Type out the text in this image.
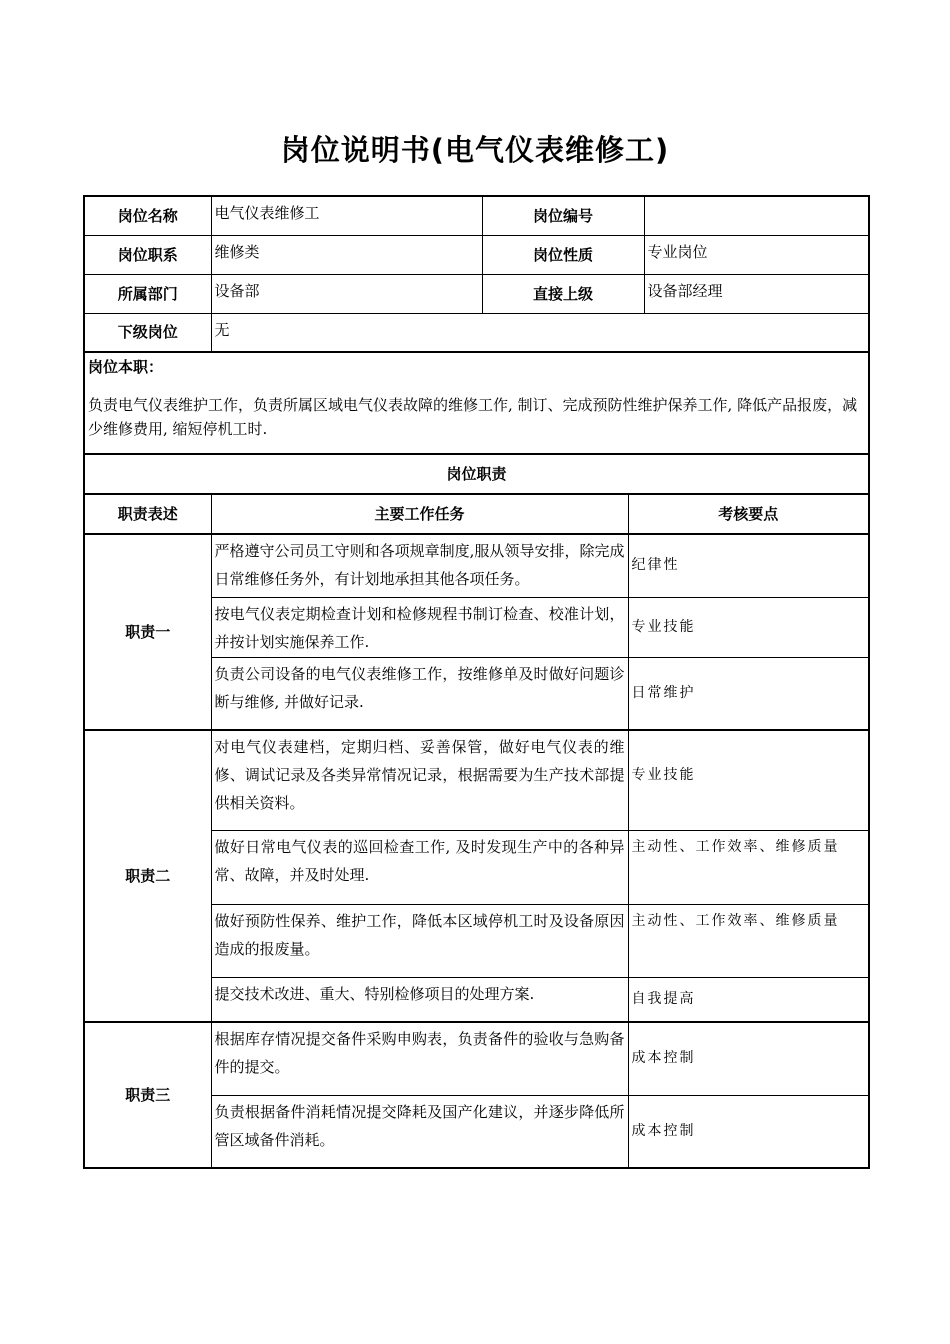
岗位说明书(电气仪表维修工)
岗位名称	电气仪表维修工	岗位编号		
岗位职系	维修类	岗位性质		专业岗位
所属部门	设备部	直接上级		设备部经理
下级岗位	无			

岗位本职：
负责电气仪表维护工作，负责所属区域电气仪表故障的维修工作, 制订、完成预防性维护保养工作, 降低产品报废，减少维修费用, 缩短停机工时.				

岗位职责				
职责表述	主要工作任务		考核要点	
职责一	严格遵守公司员工守则和各项规章制度,服从领导安排，除完成日常维修任务外，有计划地承担其他各项任务。		纪律性	
	按电气仪表定期检查计划和检修规程书制订检查、校准计划，并按计划实施保养工作.		专业技能	
	负责公司设备的电气仪表维修工作，按维修单及时做好问题诊断与维修, 并做好记录.		日常维护	
职责二	对电气仪表建档，定期归档、妥善保管，做好电气仪表的维修、调试记录及各类异常情况记录，根据需要为生产技术部提供相关资料。		专业技能	
	做好日常电气仪表的巡回检查工作, 及时发现生产中的各种异常、故障，并及时处理.		主动性、工作效率、维修质量	
	做好预防性保养、维护工作，降低本区域停机工时及设备原因造成的报废量。		主动性、工作效率、维修质量	
	提交技术改进、重大、特别检修项目的处理方案.		自我提高	
职责三	根据库存情况提交备件采购申购表，负责备件的验收与急购备件的提交。		成本控制	
	负责根据备件消耗情况提交降耗及国产化建议，并逐步降低所管区域备件消耗。		成本控制	
